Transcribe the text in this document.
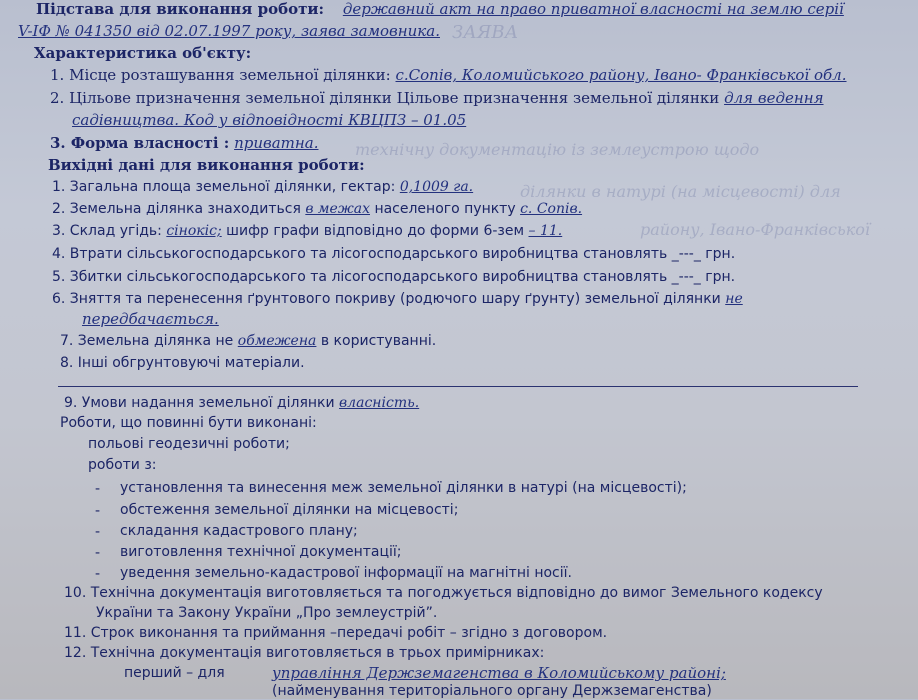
ЗАЯВА
технічну документацію із землеустрою щодо
ділянки в натурі (на місцевості) для
району, Івано-Франківської
Підстава для виконання роботи: державний акт на право приватної власності на землю серії
V-IФ № 041350 від 02.07.1997 року, заява замовника.
Характеристика об'єкту:
1. Місце розташування земельної ділянки: с.Сопів, Коломийського району, Івано- Франківської обл.
2. Цільове призначення земельної ділянки Цільове призначення земельної ділянки для ведення
садівництва. Код у відповідності КВЦПЗ – 01.05
3. Форма власності : приватна.
Вихідні дані для виконання роботи:
1. Загальна площа земельної ділянки, гектар: 0,1009 га.
2. Земельна ділянка знаходиться в межах населеного пункту с. Сопів.
3. Склад угідь: сінокіс; шифр графи відповідно до форми 6-зем – 11.
4. Втрати сільськогосподарського та лісогосподарського виробництва становлять _---_ грн.
5. Збитки сільськогосподарського та лісогосподарського виробництва становлять _---_ грн.
6. Зняття та перенесення ґрунтового покриву (родючого шару ґрунту) земельної ділянки не
передбачається.
7. Земельна ділянка не обмежена в користуванні.
8. Інші обгрунтовуючі матеріали.
9. Умови надання земельної ділянки власність.
Роботи, що повинні бути виконані:
польові геодезичні роботи;
роботи з:
- установлення та винесення меж земельної ділянки в натурі (на місцевості);
- обстеження земельної ділянки на місцевості;
- складання кадастрового плану;
- виготовлення технічної документації;
- уведення земельно-кадастрової інформації на магнітні носії.
10. Технічна документація виготовляється та погоджується відповідно до вимог Земельного кодексу
України та Закону України „Про землеустрій”.
11. Строк виконання та приймання –передачі робіт – згідно з договором.
12. Технічна документація виготовляється в трьох примірниках:
перший – для	управління Держземагенства в Коломийському районі;
(найменування територіального органу Держземагенства)
